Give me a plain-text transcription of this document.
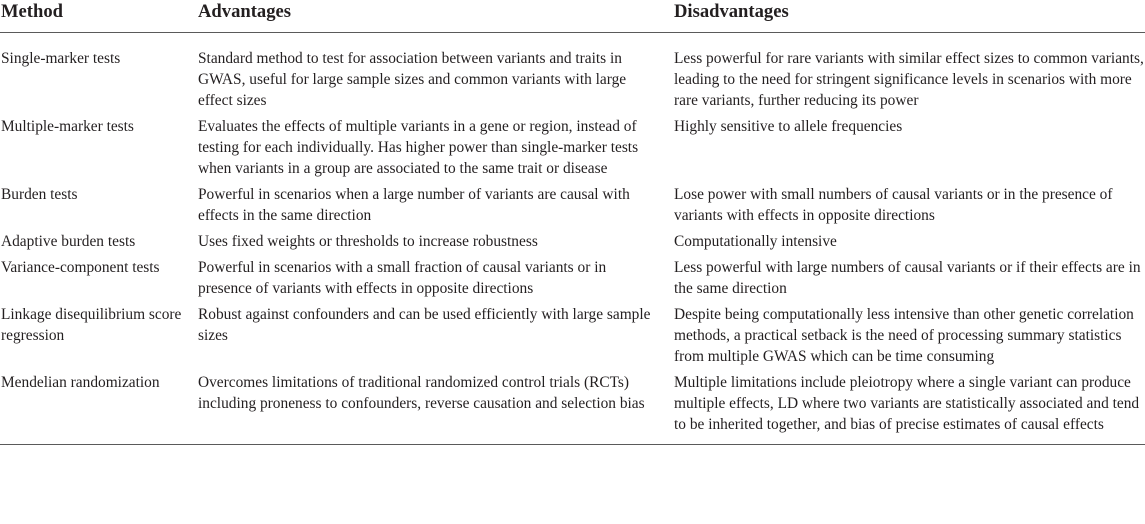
Method	Advantages	Disadvantages
Single-marker tests	Standard method to test for association between variants and traits in GWAS, useful for large sample sizes and common variants with large effect sizes	Less powerful for rare variants with similar effect sizes to common variants, leading to the need for stringent significance levels in scenarios with more rare variants, further reducing its power
Multiple-marker tests	Evaluates the effects of multiple variants in a gene or region, instead of testing for each individually. Has higher power than single-marker tests when variants in a group are associated to the same trait or disease	Highly sensitive to allele frequencies
Burden tests	Powerful in scenarios when a large number of variants are causal with effects in the same direction	Lose power with small numbers of causal variants or in the presence of variants with effects in opposite directions
Adaptive burden tests	Uses fixed weights or thresholds to increase robustness	Computationally intensive
Variance-component tests	Powerful in scenarios with a small fraction of causal variants or in presence of variants with effects in opposite directions	Less powerful with large numbers of causal variants or if their effects are in the same direction
Linkage disequilibrium score regression	Robust against confounders and can be used efficiently with large sample sizes	Despite being computationally less intensive than other genetic correlation methods, a practical setback is the need of processing summary statistics from multiple GWAS which can be time consuming
Mendelian randomization	Overcomes limitations of traditional randomized control trials (RCTs) including proneness to confounders, reverse causation and selection bias	Multiple limitations include pleiotropy where a single variant can produce multiple effects, LD where two variants are statistically associated and tend to be inherited together, and bias of precise estimates of causal effects
